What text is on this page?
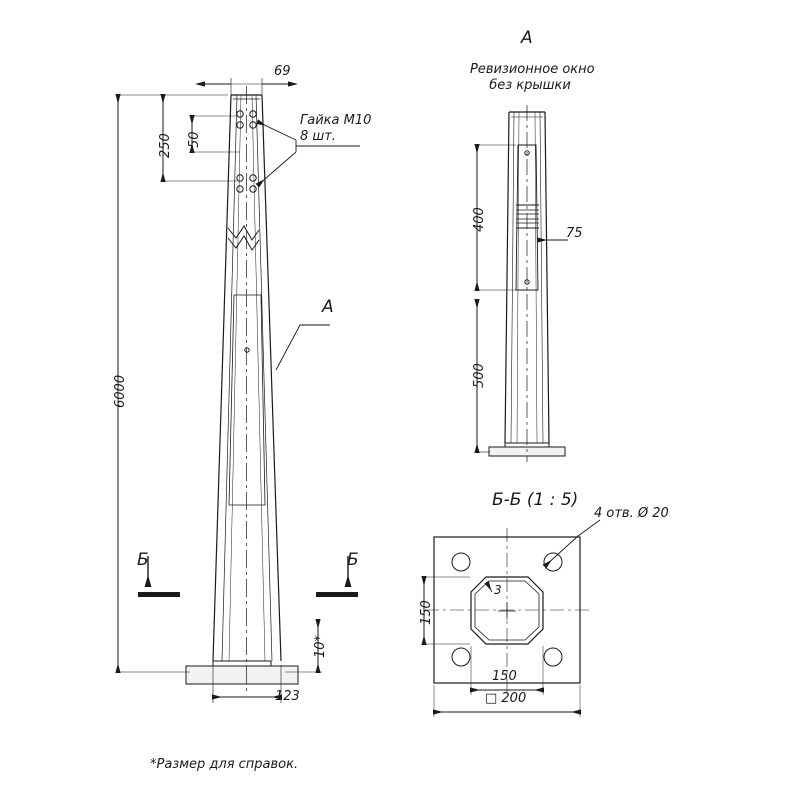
6000
250 50
69
123
10*
Гайка М10
8 шт.
А
Б	Б
А
Ревизионное окно
без крышки
400
500
75
Б-Б (1 : 5)
4 отв. Ø 20
150
150
□ 200
3
*Размер для справок.
